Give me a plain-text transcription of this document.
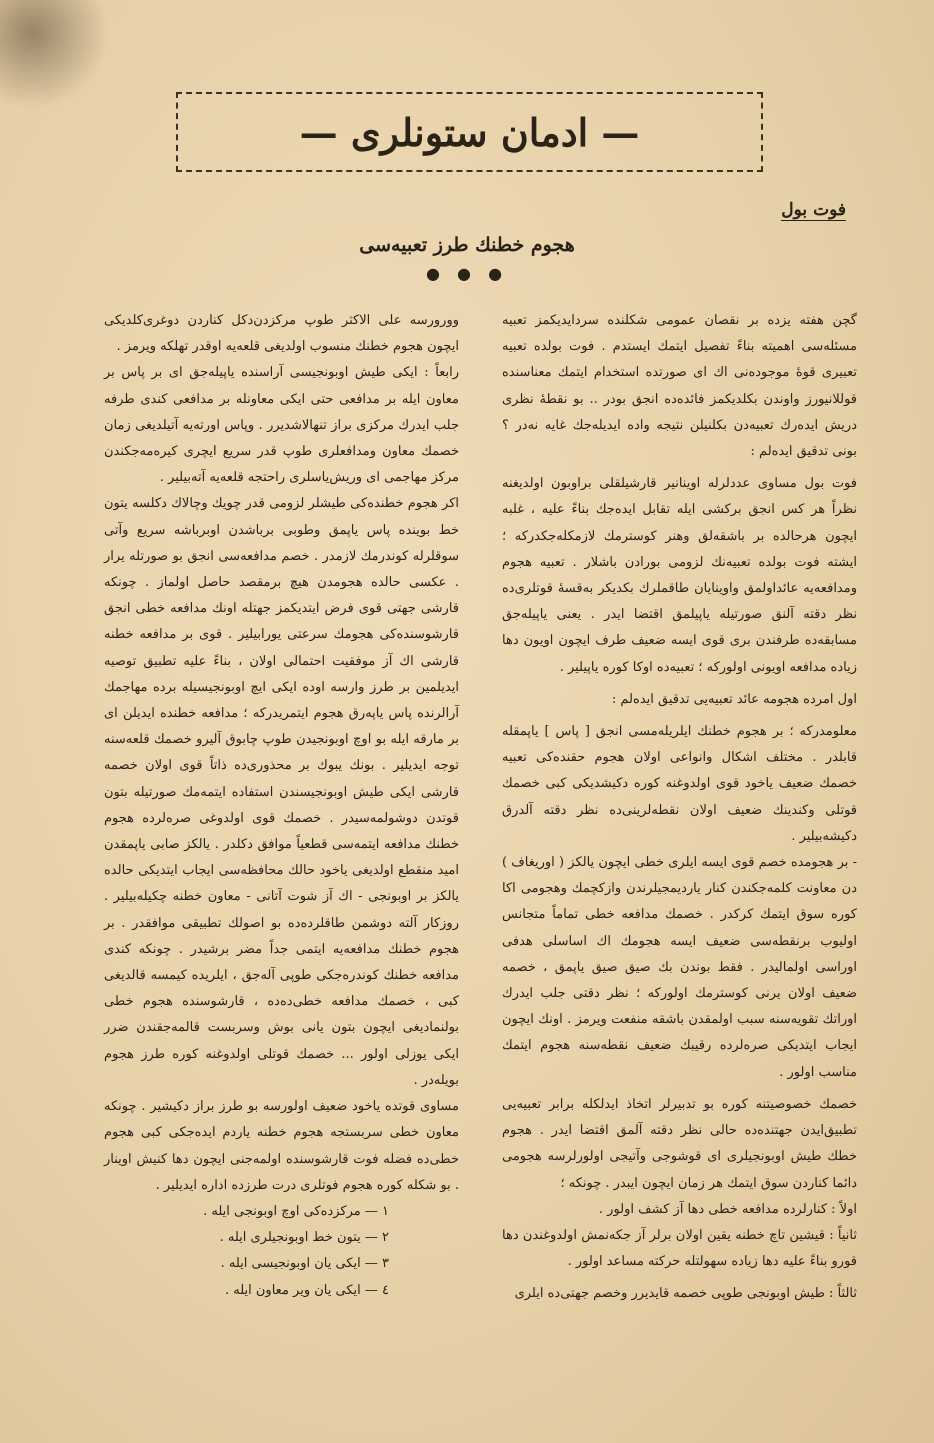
— ادمان ستونلری —
فوت بول
هجوم خطنك طرز تعبیه‌سی
● ● ●

گچن هفته‌ یزده‌ بر نقصان عمومی شکلنده‌ سردایدیکمز تعبیه مسئله‌سی اهمیته بناءً تفصیل ایتمك ایستدم . فوت بولده تعبیه تعبیری قوهٔ موجوده‌نی اك ای صورتده استخدام ایتمك معناسنده قوللانیورز واوندن بکلدیکمز فائده‌ده انجق بودر .. بو نقطهٔ نظری دریش ایده‌رك تعبیه‌دن بکلنیلن نتیجه واده ایدیله‌جك غایه نه‌در ؟ بونی تدقیق ایده‌لم :

فوت بول مساوی عددلرله‌ اوینانیر قارشیلقلی براوبون اولدیغنه نظراً هر کس انجق برکشی ایله تقابل ایده‌جك بناءً علیه ، غلبه ایچون هرحالده بر باشقه‌لق وهنر کوسترمك لازمکله‌جکدرکه ؛ ایشته فوت بولده تعبیه‌نك لزومی بورادن باشلار . تعبیه هجوم ومدافعه‌یه عائداولمق واوینایان طاقملرك بکدیکر به‌قسهٔ قوتلری‌ده نظر دقته آلنق صورتیله یاپیلمق اقتضا ایدر . یعنی یاپیله‌جق مسابقه‌ده طرفندن بری قوی ایسه ضعیف طرف ایچون اویون دها زیاده مدافعه اویونی اولورکه ؛ تعبیه‌ده اوکا کوره یاپیلیر .

اول امرده هجومه عائد تعبیه‌یی تدقیق ایده‌لم :

معلومدرکه ؛ بر هجوم خطنك ایلریله‌مسی انجق [ پاس ] یاپمقله قابلدر . مختلف اشکال وانواعی اولان هجوم حقنده‌کی تعبیه خصمك ضعیف یاخود قوی اولدوغنه کوره دکیشدیکی کبی خصمك قوتلی وکندینك ضعیف اولان نقطه‌لرینی‌ده نظر دقته آلدرق دکیشه‌بیلیر .

- بر هجومده خصم قوی ایسه ایلری خطی ایچون یالکز ( اوریغاف ) دن معاونت کلمه‌جکندن کنار یاردیمجیلرندن وازکچمك وهجومی اکا کوره سوق ایتمك کرکدر . خصمك مدافعه خطی تماماً متجانس اولیوب برنقطه‌سی ضعیف ایسه هجومك اك اساسلی هدفی اوراسی اولمالیدر . فقط بوندن بك صیق صیق یاپمق ، خصمه ضعیف اولان یرنی کوسترمك اولورکه ؛ نظر دقتی جلب ایدرك اوراتك تقویه‌سنه سبب اولمقدن باشقه منفعت ویرمز . اونك ایچون ایجاب ایتدیکی صره‌لرده رقیبك ضعیف نقطه‌سنه هجوم ایتمك مناسب اولور .

خصمك خصوصیتنه کوره بو تدبیرلر اتخاذ ایدلکله برابر تعبیه‌یی تطبیق‌ایدن جهتنده‌ده حالی نظر دقته آلمق اقتضا ایدر . هجوم خطك طیش اوبونجیلری ای قوشوجی وآتیجی اولورلرسه هجومی دائما کناردن سوق ایتمك هر زمان ایچون ایبدر . چونکه ؛

اولاً : کنارلرده مدافعه خطی دها آز کشف اولور .

ثانیاً : قیشین تاچ خطنه یقین اولان برلر آز جکه‌نمش اولدوغندن دها قورو بناءً علیه دها زیاده سهولتله حرکته مساعد اولور .

ثالثاً : طیش اوبونجی طوپی خصمه قایدیرر وخصم جهتی‌ده ایلری

وورورسه علی الاکثر طوپ مرکزدن‌دکل کناردن دوغری‌کلدیکی ایچون هجوم خطنك منسوب اولدیغی قلعه‌یه اوقدر تهلکه ویرمز .

رابعاً : ایکی طیش اوبونجیسی آراسنده یاپیله‌جق ای بر پاس بر معاون ایله بر مدافعی حتی ایکی معاونله بر مدافعی کندی طرفه جلب ایدرك مرکزی براز تنهالاشدیرر . وپاس اورته‌یه آتیلدیغی زمان خصمك معاون ومدافعلری طوپ قدر سریع ایچری کیره‌مه‌جکندن مرکز مهاجمی ای وریش‌یاسلری راحتجه قلعه‌یه آته‌بیلیر .

اکر هجوم خطنده‌کی طیشلر لزومی قدر چویك وچالاك دکلسه یتون خط بوینده پاس یاپمق وطوبی برباشدن اوبرباشه سریع وآتی سوقلرله کوندرمك لازمدر . خصم مدافعه‌سی انجق بو صورتله یرار . عکسی حالده هجومدن هیچ برمقصد حاصل اولماز . چونکه قارشی جهتی قوی فرض ایتدیکمز جهتله اونك مدافعه خطی انجق قارشوسنده‌کی هجومك سرعتی یورابیلیر . قوی بر مدافعه خطنه قارشی اك آز موفقیت احتمالی اولان ، بناءً علیه تطبیق توصیه ایدیلمین بر طرز وارسه اوده ایکی ایچ اوبونجیسیله برده مهاجمك آرالرنده پاس یاپه‌رق هجوم ایتمریدرکه ؛ مدافعه خطنده ایدیلن ای بر مارقه ایله بو اوچ اوبونجیدن طوپ چابوق آلیرو خصمك قلعه‌سنه توجه ایدیلیر . بونك یبوك بر محذوری‌ده ذاتاً قوی اولان خصمه قارشی ایکی طیش اوبونجیسندن استفاده ایتمه‌مك صورتیله بتون قوتدن دوشولمه‌سیدر . خصمك قوی اولدوغی صره‌لرده هجوم خطنك مدافعه ایتمه‌سی قطعیاً موافق دکلدر . یالکز صابی یاپمقدن امید منقطع اولدیغی یاخود حالك محافظه‌سی ایجاب ایتدیکی حالده یالکز بر اوبونجی - اك آز شوت آتانی - معاون خطنه چکیله‌بیلیر . روزکار آلته دوشمن طاقلرده‌ده بو اصولك تطبیقی موافقدر . بر هجوم خطنك مدافعه‌یه ایتمی جداً مضر برشیدر . چونکه کندی مدافعه خطنك کوندره‌جکی طوپی آله‌جق ، ایلریده کیمسه قالدیغی کبی ، خصمك مدافعه خطی‌ده‌ده ، قارشوسنده هجوم خطی بولنمادیغی ایچون بتون یانی بوش وسربست قالمه‌جقندن ضرر ایکی‌ یوزلی اولور ... خصمك قوتلی اولدوغنه کوره طرز هجوم بویله‌در .

مساوی قوتده یاخود ضعیف اولورسه بو طرز براز دکیشیر . چونکه معاون خطی سربستجه هجوم خطنه یاردم ایده‌جکی کبی هجوم خطی‌ده فضله فوت قارشوسنده اولمه‌جنی ایچون دها کنیش اوینار . بو شکله کوره هجوم فوتلری درت طرزده اداره ایدیلیر .

۱ — مرکزده‌کی اوچ اوبونجی ایله .

۲ — یتون خط اوبونجیلری ایله .

۳ — ایکی یان اوبونجیسی ایله .

٤ — ایکی یان ویر معاون ایله .
